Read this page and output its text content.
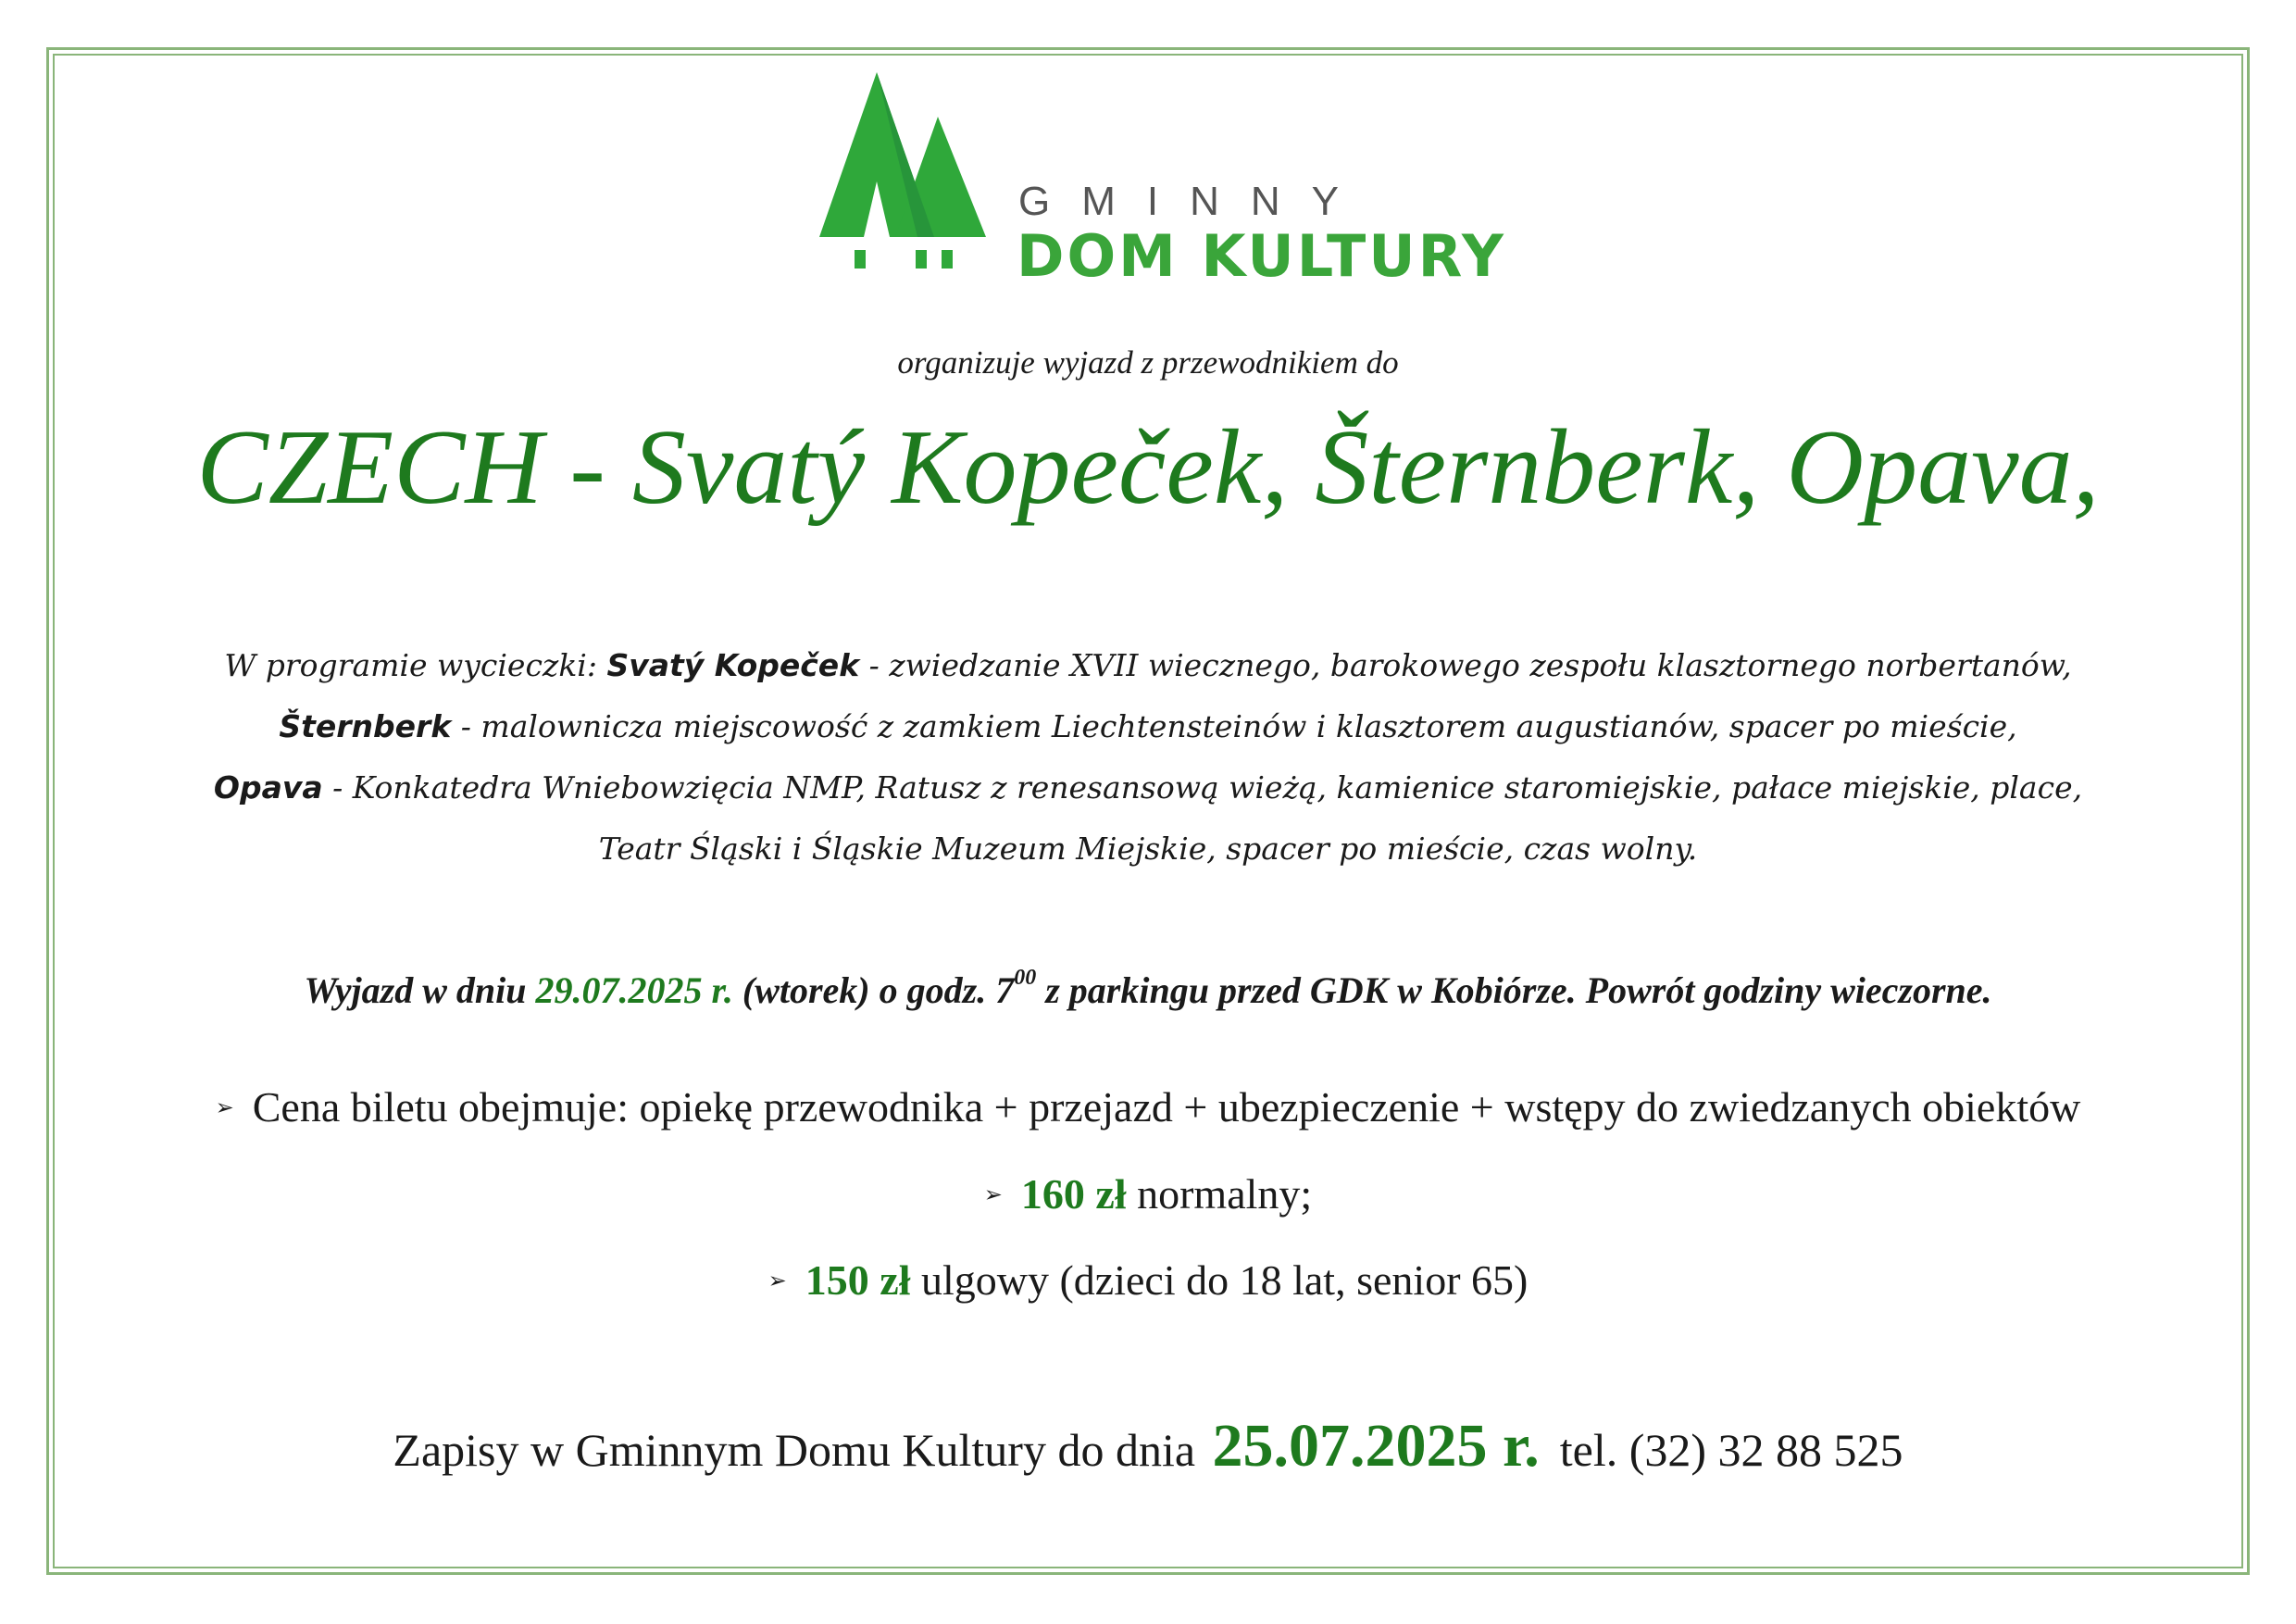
GMINNY
DOM KULTURY
organizuje wyjazd z przewodnikiem do
CZECH - Svatý Kopeček, Šternberk, Opava,
W programie wycieczki: Svatý Kopeček - zwiedzanie XVII wiecznego, barokowego zespołu klasztornego norbertanów,
Šternberk - malownicza miejscowość z zamkiem Liechtensteinów i klasztorem augustianów, spacer po mieście,
Opava - Konkatedra Wniebowzięcia NMP, Ratusz z renesansową wieżą, kamienice staromiejskie, pałace miejskie, place,
Teatr Śląski i Śląskie Muzeum Miejskie, spacer po mieście, czas wolny.
Wyjazd w dniu 29.07.2025 r. (wtorek) o godz. $7^{00}$ z parkingu przed GDK w Kobiórze. Powrót godziny wieczorne.
➢ Cena biletu obejmuje: opiekę przewodnika + przejazd + ubezpieczenie + wstępy do zwiedzanych obiektów
➢ 160 zł normalny;
➢ 150 zł ulgowy (dzieci do 18 lat, senior 65)
Zapisy w Gminnym Domu Kultury do dnia 25.07.2025 r. tel. (32) 32 88 525
